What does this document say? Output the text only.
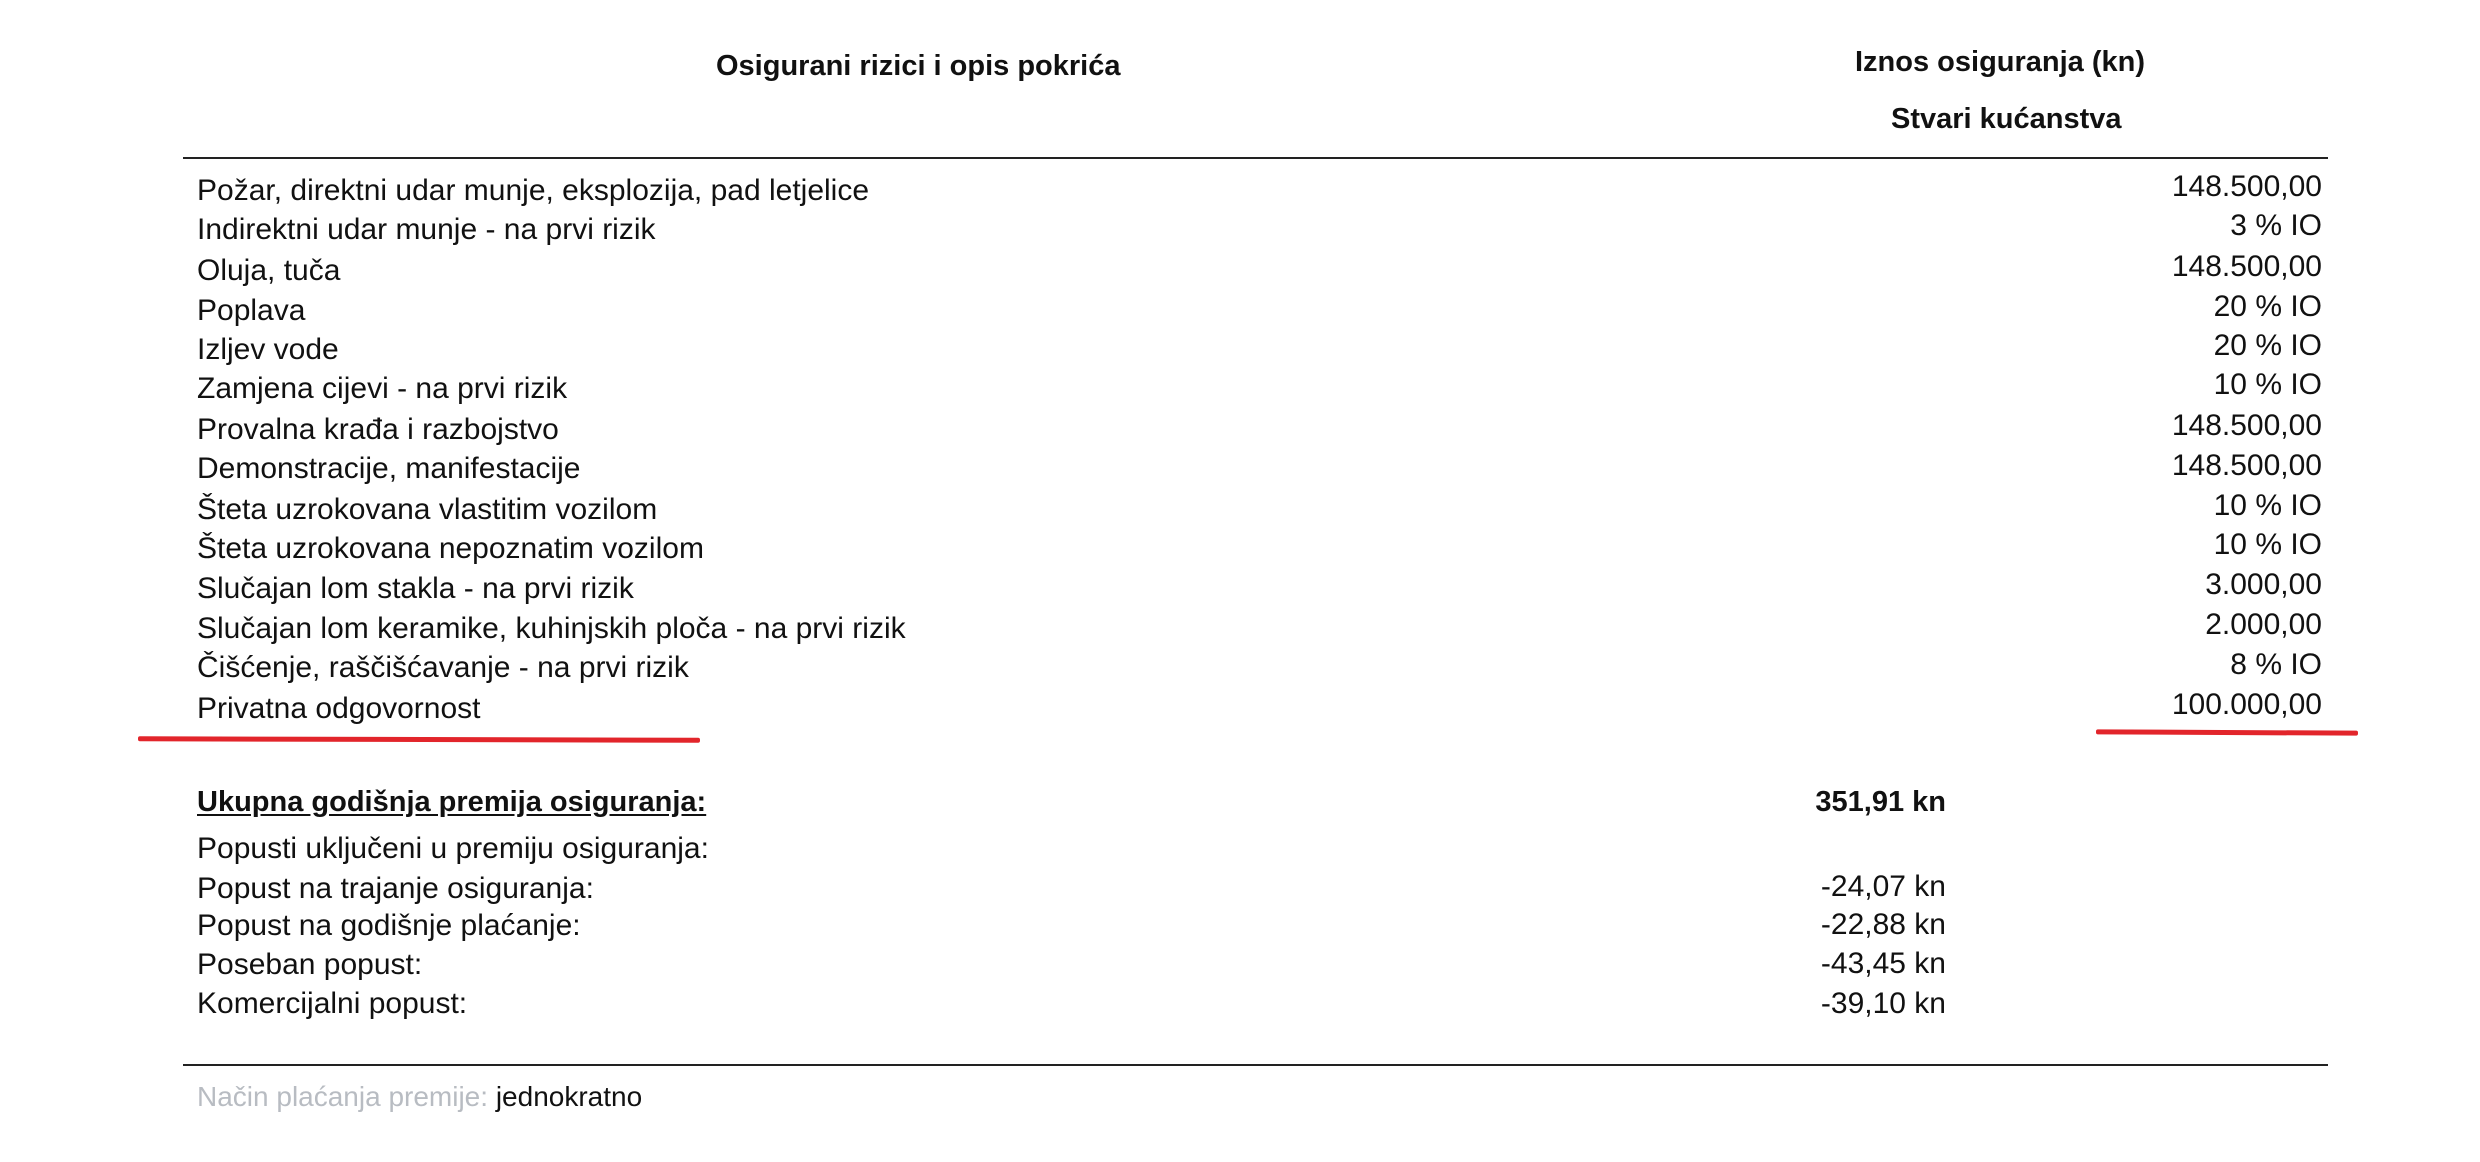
Osigurani rizici i opis pokrića	Iznos osiguranja (kn)
Stvari kućanstva
Požar, direktni udar munje, eksplozija, pad letjelice	148.500,00
Indirektni udar munje - na prvi rizik	3 % IO
Oluja, tuča	148.500,00
Poplava	20 % IO
Izljev vode	20 % IO
Zamjena cijevi - na prvi rizik	10 % IO
Provalna krađa i razbojstvo	148.500,00
Demonstracije, manifestacije	148.500,00
Šteta uzrokovana vlastitim vozilom	10 % IO
Šteta uzrokovana nepoznatim vozilom	10 % IO
Slučajan lom stakla - na prvi rizik	3.000,00
Slučajan lom keramike, kuhinjskih ploča - na prvi rizik	2.000,00
Čišćenje, raščišćavanje - na prvi rizik	8 % IO
Privatna odgovornost	100.000,00
Ukupna godišnja premija osiguranja:	351,91 kn
Popusti uključeni u premiju osiguranja:
Popust na trajanje osiguranja:	-24,07 kn
Popust na godišnje plaćanje:	-22,88 kn
Poseban popust:	-43,45 kn
Komercijalni popust:	-39,10 kn
Način plaćanja premije: jednokratno
